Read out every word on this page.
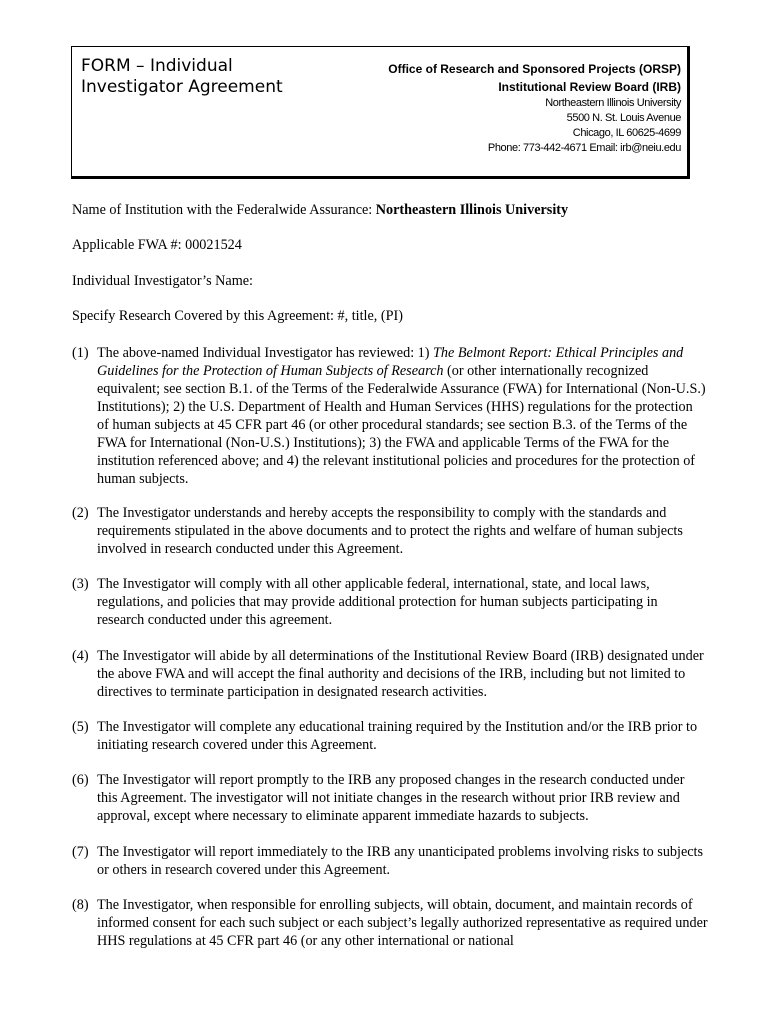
FORM – Individual
Investigator Agreement
Office of Research and Sponsored Projects (ORSP)
Institutional Review Board (IRB)
Northeastern Illinois University
5500 N. St. Louis Avenue
Chicago, IL 60625-4699
Phone: 773-442-4671 Email: irb@neiu.edu
Name of Institution with the Federalwide Assurance: Northeastern Illinois University
Applicable FWA #: 00021524
Individual Investigator’s Name:
Specify Research Covered by this Agreement: #, title, (PI)
(1) The above-named Individual Investigator has reviewed: 1) The Belmont Report: Ethical Principles and Guidelines for the Protection of Human Subjects of Research (or other internationally recognized equivalent; see section B.1. of the Terms of the Federalwide Assurance (FWA) for International (Non-U.S.) Institutions); 2) the U.S. Department of Health and Human Services (HHS) regulations for the protection of human subjects at 45 CFR part 46 (or other procedural standards; see section B.3. of the Terms of the FWA for International (Non-U.S.) Institutions); 3) the FWA and applicable Terms of the FWA for the institution referenced above; and 4) the relevant institutional policies and procedures for the protection of human subjects.
(2) The Investigator understands and hereby accepts the responsibility to comply with the standards and requirements stipulated in the above documents and to protect the rights and welfare of human subjects involved in research conducted under this Agreement.
(3) The Investigator will comply with all other applicable federal, international, state, and local laws, regulations, and policies that may provide additional protection for human subjects participating in research conducted under this agreement.
(4) The Investigator will abide by all determinations of the Institutional Review Board (IRB) designated under the above FWA and will accept the final authority and decisions of the IRB, including but not limited to directives to terminate participation in designated research activities.
(5) The Investigator will complete any educational training required by the Institution and/or the IRB prior to initiating research covered under this Agreement.
(6) The Investigator will report promptly to the IRB any proposed changes in the research conducted under this Agreement. The investigator will not initiate changes in the research without prior IRB review and approval, except where necessary to eliminate apparent immediate hazards to subjects.
(7) The Investigator will report immediately to the IRB any unanticipated problems involving risks to subjects or others in research covered under this Agreement.
(8) The Investigator, when responsible for enrolling subjects, will obtain, document, and maintain records of informed consent for each such subject or each subject’s legally authorized representative as required under HHS regulations at 45 CFR part 46 (or any other international or national
